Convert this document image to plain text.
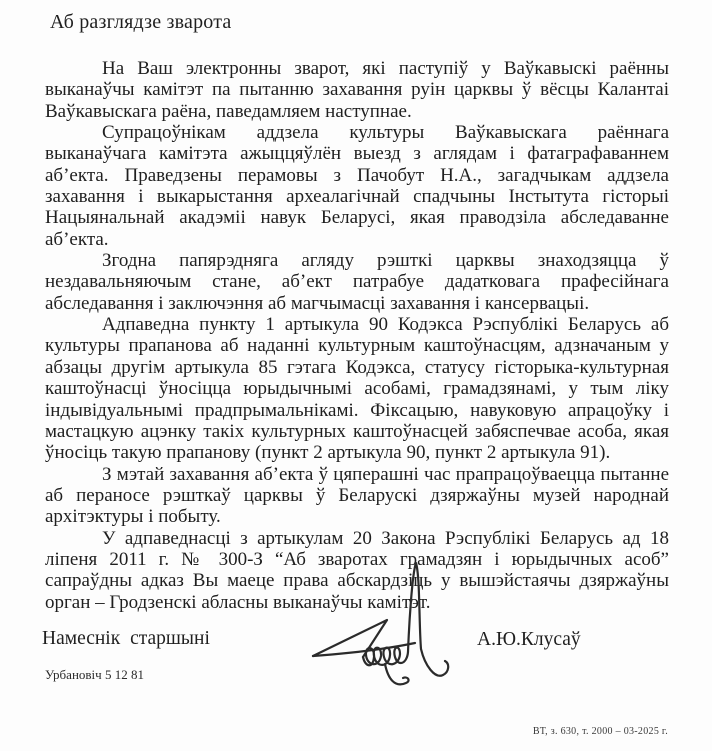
Аб разглядзе зварота

На Ваш электронны зварот, які паступіў у Ваўкавыскі раённы выканаўчы камітэт па пытанню захавання руін царквы ў вёсцы Калантаі Ваўкавыскага раёна, паведамляем наступнае.

Супрацоўнікам аддзела культуры Ваўкавыскага раённага выканаўчага камітэта ажыццяўлён выезд з аглядам і фатаграфаваннем аб’екта. Праведзены перамовы з Пачобут Н.А., загадчыкам аддзела захавання і выкарыстання археалагічнай спадчыны Інстытута гісторыі Нацыянальнай акадэміі навук Беларусі, якая праводзіла абследаванне аб’екта.

Згодна папярэдняга агляду рэшткі царквы знаходзяцца ў нездавальняючым стане, аб’ект патрабуе дадатковага прафесійнага абследавання і заключэння аб магчымасці захавання і кансервацыі.

Адпаведна пункту 1 артыкула 90 Кодэкса Рэспублікі Беларусь аб культуры прапанова аб наданні культурным каштоўнасцям, адзначаным у абзацы другім артыкула 85 гэтага Кодэкса, статусу гісторыка-культурная каштоўнасці ўносіцца юрыдычнымі асобамі, грамадзянамі, у тым ліку індывідуальнымі прадпрымальнікамі. Фіксацыю, навуковую апрацоўку і мастацкую ацэнку такіх культурных каштоўнасцей забяспечвае асоба, якая ўносіць такую прапанову (пункт 2 артыкула 90, пункт 2 артыкула 91).

З мэтай захавання аб’екта ў цяперашні час прапрацоўваецца пытанне аб пераносе рэшткаў царквы ў Беларускі дзяржаўны музей народнай архітэктуры і побыту.

У адпаведнасці з артыкулам 20 Закона Рэспублікі Беларусь ад 18 ліпеня 2011 г. № 300-З “Аб зваротах грамадзян і юрыдычных асоб” сапраўдны адказ Вы маеце права абскардзіць у вышэйстаячы дзяржаўны орган – Гродзенскі абласны выканаўчы камітэт.

Намеснік старшыні	А.Ю.Клусаў
Урбановіч 5 12 81
ВТ, з. 630, т. 2000 – 03-2025 г.
